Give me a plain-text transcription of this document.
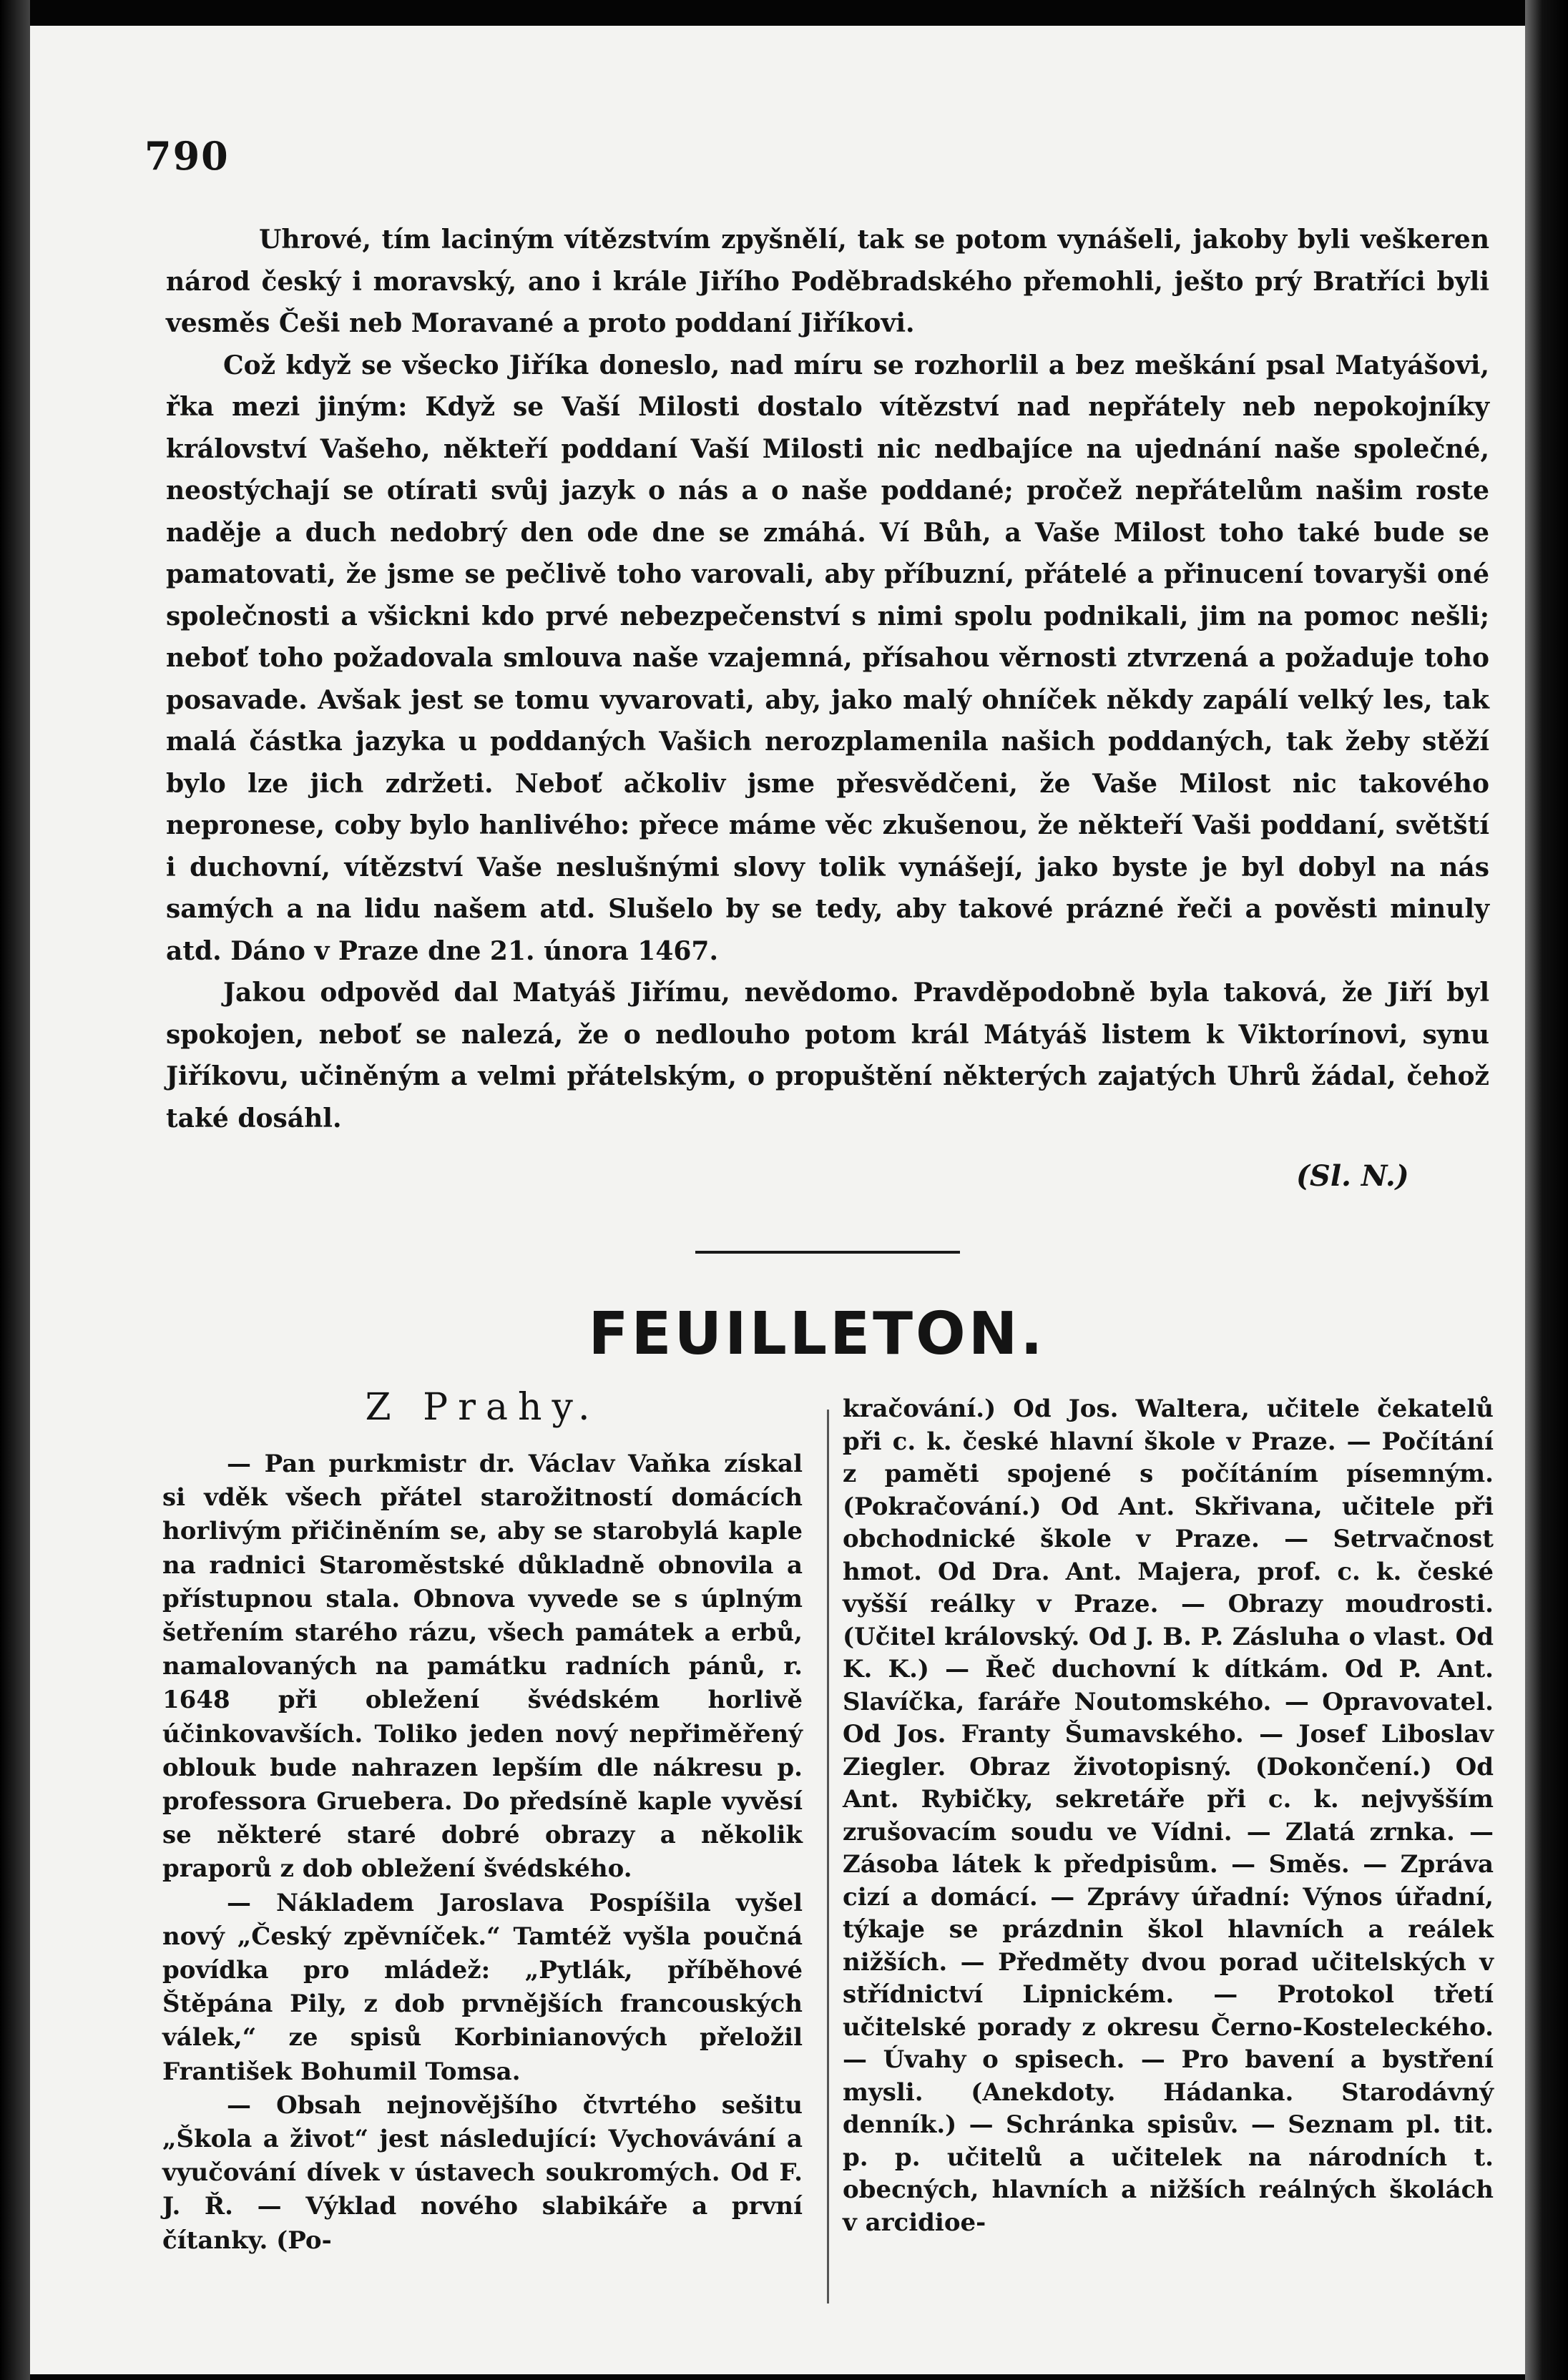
790

Uhrové, tím laciným vítězstvím zpyšnělí, tak se potom vynášeli, jakoby byli veškeren národ český i moravský, ano i krále Jiřího Poděbradského přemohli, ješto prý Bratříci byli vesměs Češi neb Moravané a proto poddaní Jiříkovi.

Což když se všecko Jiříka doneslo, nad míru se rozhorlil a bez meškání psal Matyášovi, řka mezi jiným: Když se Vaší Milosti dostalo vítězství nad nepřátely neb nepokojníky království Vašeho, někteří poddaní Vaší Milosti nic nedbajíce na ujednání naše společné, neostýchají se otírati svůj jazyk o nás a o naše poddané; pročež nepřátelům našim roste naděje a duch nedobrý den ode dne se zmáhá. Ví Bůh, a Vaše Milost toho také bude se pamatovati, že jsme se pečlivě toho varovali, aby příbuzní, přátelé a přinucení tovaryši oné společnosti a všickni kdo prvé nebezpečenství s nimi spolu podnikali, jim na pomoc nešli; neboť toho požadovala smlouva naše vzajemná, přísahou věrnosti ztvrzená a požaduje toho posavade. Avšak jest se tomu vyvarovati, aby, jako malý ohníček někdy zapálí velký les, tak malá částka jazyka u poddaných Vašich nerozplamenila našich poddaných, tak žeby stěží bylo lze jich zdržeti. Neboť ačkoliv jsme přesvědčeni, že Vaše Milost nic takového nepronese, coby bylo hanlivého: přece máme věc zkušenou, že někteří Vaši poddaní, světští i duchovní, vítězství Vaše neslušnými slovy tolik vynášejí, jako byste je byl dobyl na nás samých a na lidu našem atd. Slušelo by se tedy, aby takové prázné řeči a pověsti minuly atd. Dáno v Praze dne 21. února 1467.

Jakou odpověd dal Matyáš Jiřímu, nevědomo. Pravděpodobně byla taková, že Jiří byl spokojen, neboť se nalezá, že o nedlouho potom král Mátyáš listem k Viktorínovi, synu Jiříkovu, učiněným a velmi přátelským, o propuštění některých zajatých Uhrů žádal, čehož také dosáhl.

(Sl. N.)
FEUILLETON.
Z Prahy.

— Pan purkmistr dr. Václav Vaňka získal si vděk všech přátel starožitností domácích horlivým přičiněním se, aby se starobylá kaple na radnici Staroměstské důkladně obnovila a přístupnou stala. Obnova vyvede se s úplným šetřením starého rázu, všech památek a erbů, namalovaných na památku radních pánů, r. 1648 při obležení švédském horlivě účinkovavších. Toliko jeden nový nepřiměřený oblouk bude nahrazen lepším dle nákresu p. professora Grueberа. Do předsíně kaple vyvěsí se některé staré dobré obrazy a několik praporů z dob obležení švédského.

— Nákladem Jaroslava Pospíšila vyšel nový „Český zpěvníček.“ Tamtéž vyšla poučná povídka pro mládež: „Pytlák, příběhové Štěpána Pily, z dob prvnějších francouských válek,“ ze spisů Korbinianových přeložil František Bohumil Tomsa.

— Obsah nejnovějšího čtvrtého sešitu „Škola a život“ jest následující: Vychovávání a vyučování dívek v ústavech soukromých. Od F. J. Ř. — Výklad nového slabikáře a první čítanky. (Po-

kračování.) Od Jos. Waltera, učitele čekatelů při c. k. české hlavní škole v Praze. — Počítání z paměti spojené s počítáním písemným. (Pokračování.) Od Ant. Skřivana, učitele při obchodnické škole v Praze. — Setrvačnost hmot. Od Dra. Ant. Majera, prof. c. k. české vyšší reálky v Praze. — Obrazy moudrosti. (Učitel královský. Od J. B. P. Zásluha o vlast. Od K. K.) — Řeč duchovní k dítkám. Od P. Ant. Slavíčka, faráře Noutomského. — Opravovatel. Od Jos. Franty Šumavského. — Josef Liboslav Ziegler. Obraz životopisný. (Dokončení.) Od Ant. Rybičky, sekretáře při c. k. nejvyšším zrušovacím soudu ve Vídni. — Zlatá zrnka. — Zásoba látek k předpisům. — Směs. — Zpráva cizí a domácí. — Zprávy úřadní: Výnos úřadní, týkaje se prázdnin škol hlavních a reálek nižších. — Předměty dvou porad učitelských v střídnictví Lipnickém. — Protokol třetí učitelské porady z okresu Černo-Kosteleckého. — Úvahy o spisech. — Pro bavení a bystření mysli. (Anekdoty. Hádanka. Starodávný denník.) — Schránka spisův. — Seznam pl. tit. p. p. učitelů a učitelek na národních t. obecných, hlavních a nižších reálných školách v arcidioe-
